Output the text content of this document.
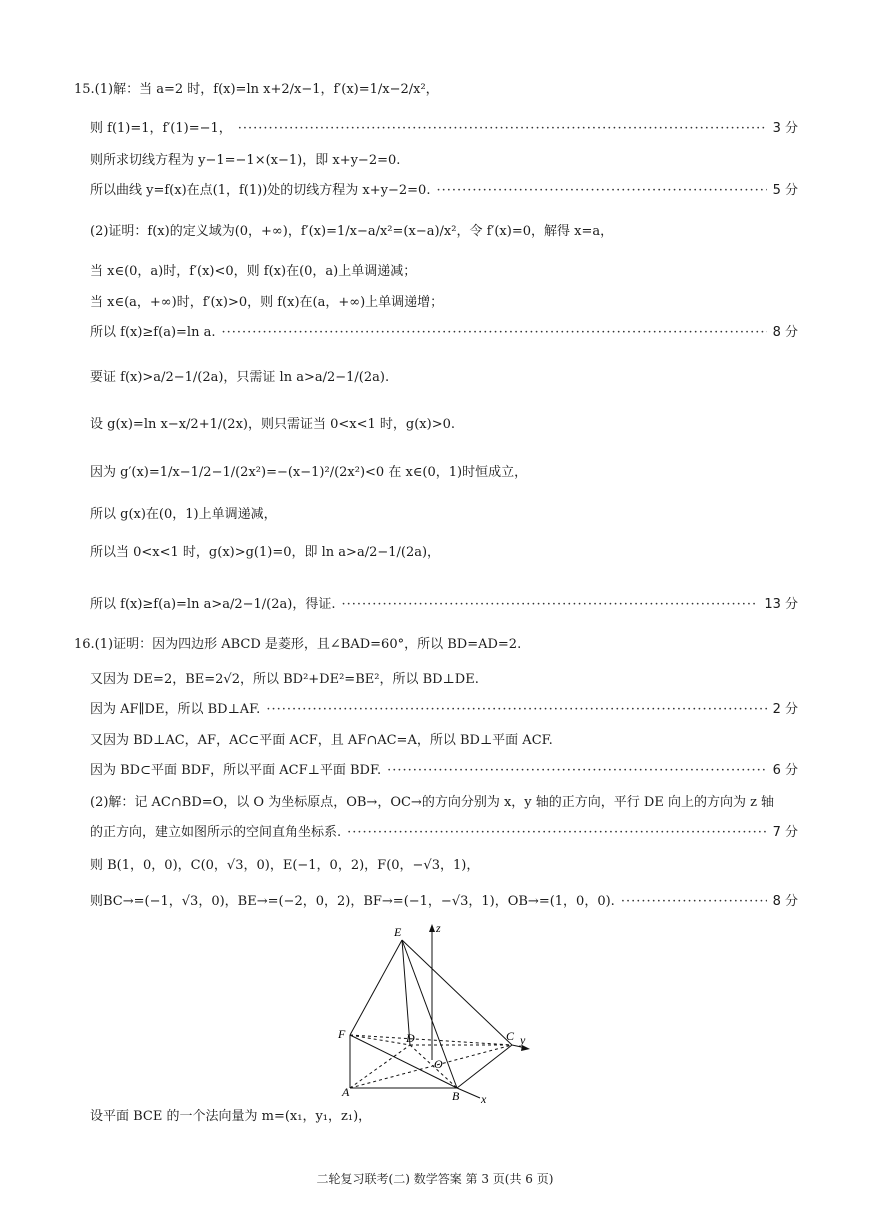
15.(1)解：当 a=2 时，f(x)=ln x+2/x−1，f′(x)=1/x−2/x²，
则 f(1)=1，f′(1)=−1， ·····	3 分
则所求切线方程为 y−1=−1×(x−1)，即 x+y−2=0.
所以曲线 y=f(x)在点(1，f(1))处的切线方程为 x+y−2=0. ·····	5 分
(2)证明：f(x)的定义域为(0，+∞)，f′(x)=1/x−a/x²=(x−a)/x²，令 f′(x)=0，解得 x=a，
当 x∈(0，a)时，f′(x)<0，则 f(x)在(0，a)上单调递减；
当 x∈(a，+∞)时，f′(x)>0，则 f(x)在(a，+∞)上单调递增；
所以 f(x)≥f(a)=ln a. ·····	8 分
要证 f(x)>a/2−1/(2a)，只需证 ln a>a/2−1/(2a).
设 g(x)=ln x−x/2+1/(2x)，则只需证当 0<x<1 时，g(x)>0.
因为 g′(x)=1/x−1/2−1/(2x²)=−(x−1)²/(2x²)<0 在 x∈(0，1)时恒成立，
所以 g(x)在(0，1)上单调递减，
所以当 0<x<1 时，g(x)>g(1)=0，即 ln a>a/2−1/(2a)，
所以 f(x)≥f(a)=ln a>a/2−1/(2a)，得证. ·····	13 分
16.(1)证明：因为四边形 ABCD 是菱形，且∠BAD=60°，所以 BD=AD=2.
又因为 DE=2，BE=2√2，所以 BD²+DE²=BE²，所以 BD⊥DE.
因为 AF∥DE，所以 BD⊥AF. ·····	2 分
又因为 BD⊥AC，AF，AC⊂平面 ACF，且 AF∩AC=A，所以 BD⊥平面 ACF.
因为 BD⊂平面 BDF，所以平面 ACF⊥平面 BDF. ·····	6 分
(2)解：记 AC∩BD=O，以 O 为坐标原点，OB→，OC→的方向分别为 x，y 轴的正方向，平行 DE 向上的方向为 z 轴
的正方向，建立如图所示的空间直角坐标系. ·····	7 分
则 B(1，0，0)，C(0，√3，0)，E(−1，0，2)，F(0，−√3，1)，
则BC→=(−1，√3，0)，BE→=(−2，0，2)，BF→=(−1，−√3，1)，OB→=(1，0，0). ·····	8 分
E	z
F	D	C y
O
A	B x
设平面 BCE 的一个法向量为 m=(x₁，y₁，z₁)，
二轮复习联考(二) 数学答案 第 3 页(共 6 页)
